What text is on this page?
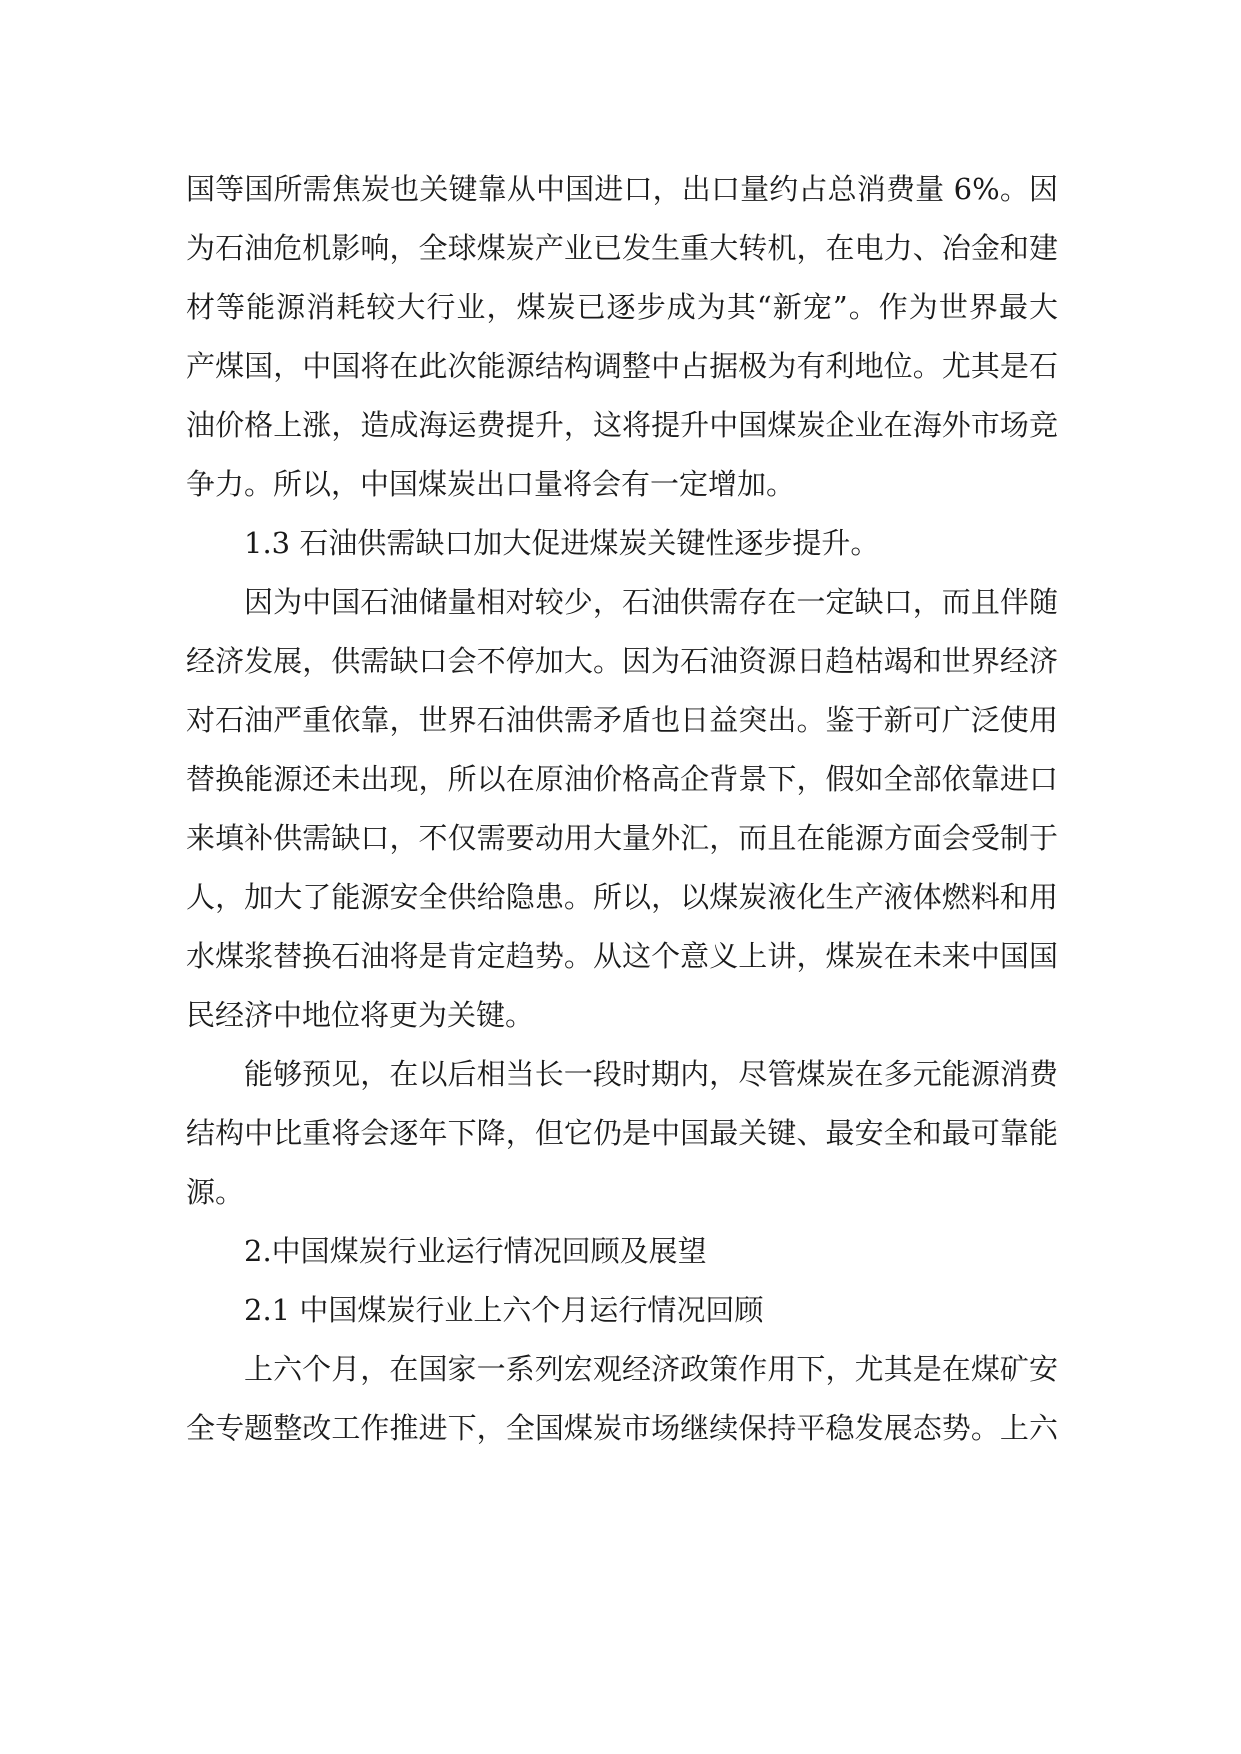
国等国所需焦炭也关键靠从中国进口，出口量约占总消费量 6%。因
为石油危机影响，全球煤炭产业已发生重大转机，在电力、冶金和建
材等能源消耗较大行业，煤炭已逐步成为其“新宠”。作为世界最大
产煤国，中国将在此次能源结构调整中占据极为有利地位。尤其是石
油价格上涨，造成海运费提升，这将提升中国煤炭企业在海外市场竞
争力。所以，中国煤炭出口量将会有一定增加。
1.3 石油供需缺口加大促进煤炭关键性逐步提升。
因为中国石油储量相对较少，石油供需存在一定缺口，而且伴随
经济发展，供需缺口会不停加大。因为石油资源日趋枯竭和世界经济
对石油严重依靠，世界石油供需矛盾也日益突出。鉴于新可广泛使用
替换能源还未出现，所以在原油价格高企背景下，假如全部依靠进口
来填补供需缺口，不仅需要动用大量外汇，而且在能源方面会受制于
人，加大了能源安全供给隐患。所以，以煤炭液化生产液体燃料和用
水煤浆替换石油将是肯定趋势。从这个意义上讲，煤炭在未来中国国
民经济中地位将更为关键。
能够预见，在以后相当长一段时期内，尽管煤炭在多元能源消费
结构中比重将会逐年下降，但它仍是中国最关键、最安全和最可靠能
源。
2.中国煤炭行业运行情况回顾及展望
2.1 中国煤炭行业上六个月运行情况回顾
上六个月，在国家一系列宏观经济政策作用下，尤其是在煤矿安
全专题整改工作推进下，全国煤炭市场继续保持平稳发展态势。上六
